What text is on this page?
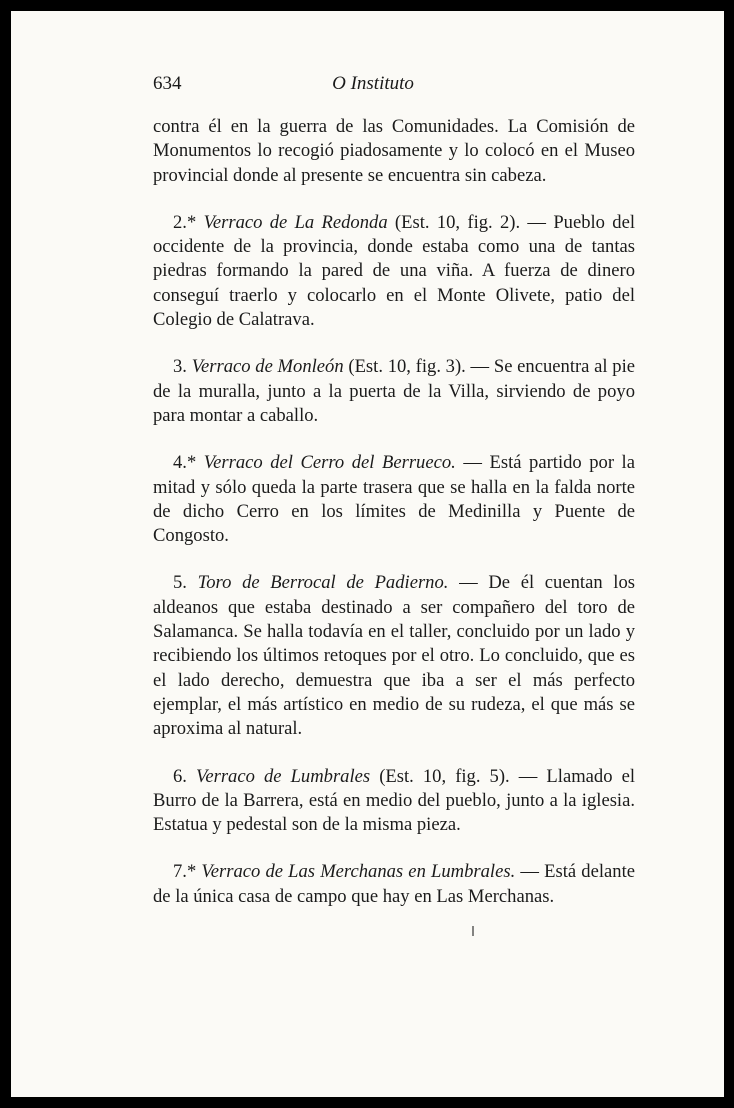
634	O Instituto

contra él en la guerra de las Comunidades. La Comisión de Monumentos lo recogió piadosamente y lo colocó en el Museo provincial donde al presente se encuentra sin cabeza.

2.* Verraco de La Redonda (Est. 10, fig. 2). — Pueblo del occidente de la provincia, donde estaba como una de tantas piedras formando la pared de una viña. A fuerza de dinero conseguí traerlo y colocarlo en el Monte Olivete, patio del Colegio de Calatrava.

3. Verraco de Monleón (Est. 10, fig. 3). — Se encuentra al pie de la muralla, junto a la puerta de la Villa, sirviendo de poyo para montar a caballo.

4.* Verraco del Cerro del Berrueco. — Está partido por la mitad y sólo queda la parte trasera que se halla en la falda norte de dicho Cerro en los límites de Medinilla y Puente de Congosto.

5. Toro de Berrocal de Padierno. — De él cuentan los aldeanos que estaba destinado a ser compañero del toro de Salamanca. Se halla todavía en el taller, concluido por un lado y recibiendo los últimos retoques por el otro. Lo concluido, que es el lado derecho, demuestra que iba a ser el más perfecto ejemplar, el más artístico en medio de su rudeza, el que más se aproxima al natural.

6. Verraco de Lumbrales (Est. 10, fig. 5). — Llamado el Burro de la Barrera, está en medio del pueblo, junto a la iglesia. Estatua y pedestal son de la misma pieza.

7.* Verraco de Las Merchanas en Lumbrales. — Está delante de la única casa de campo que hay en Las Merchanas.
